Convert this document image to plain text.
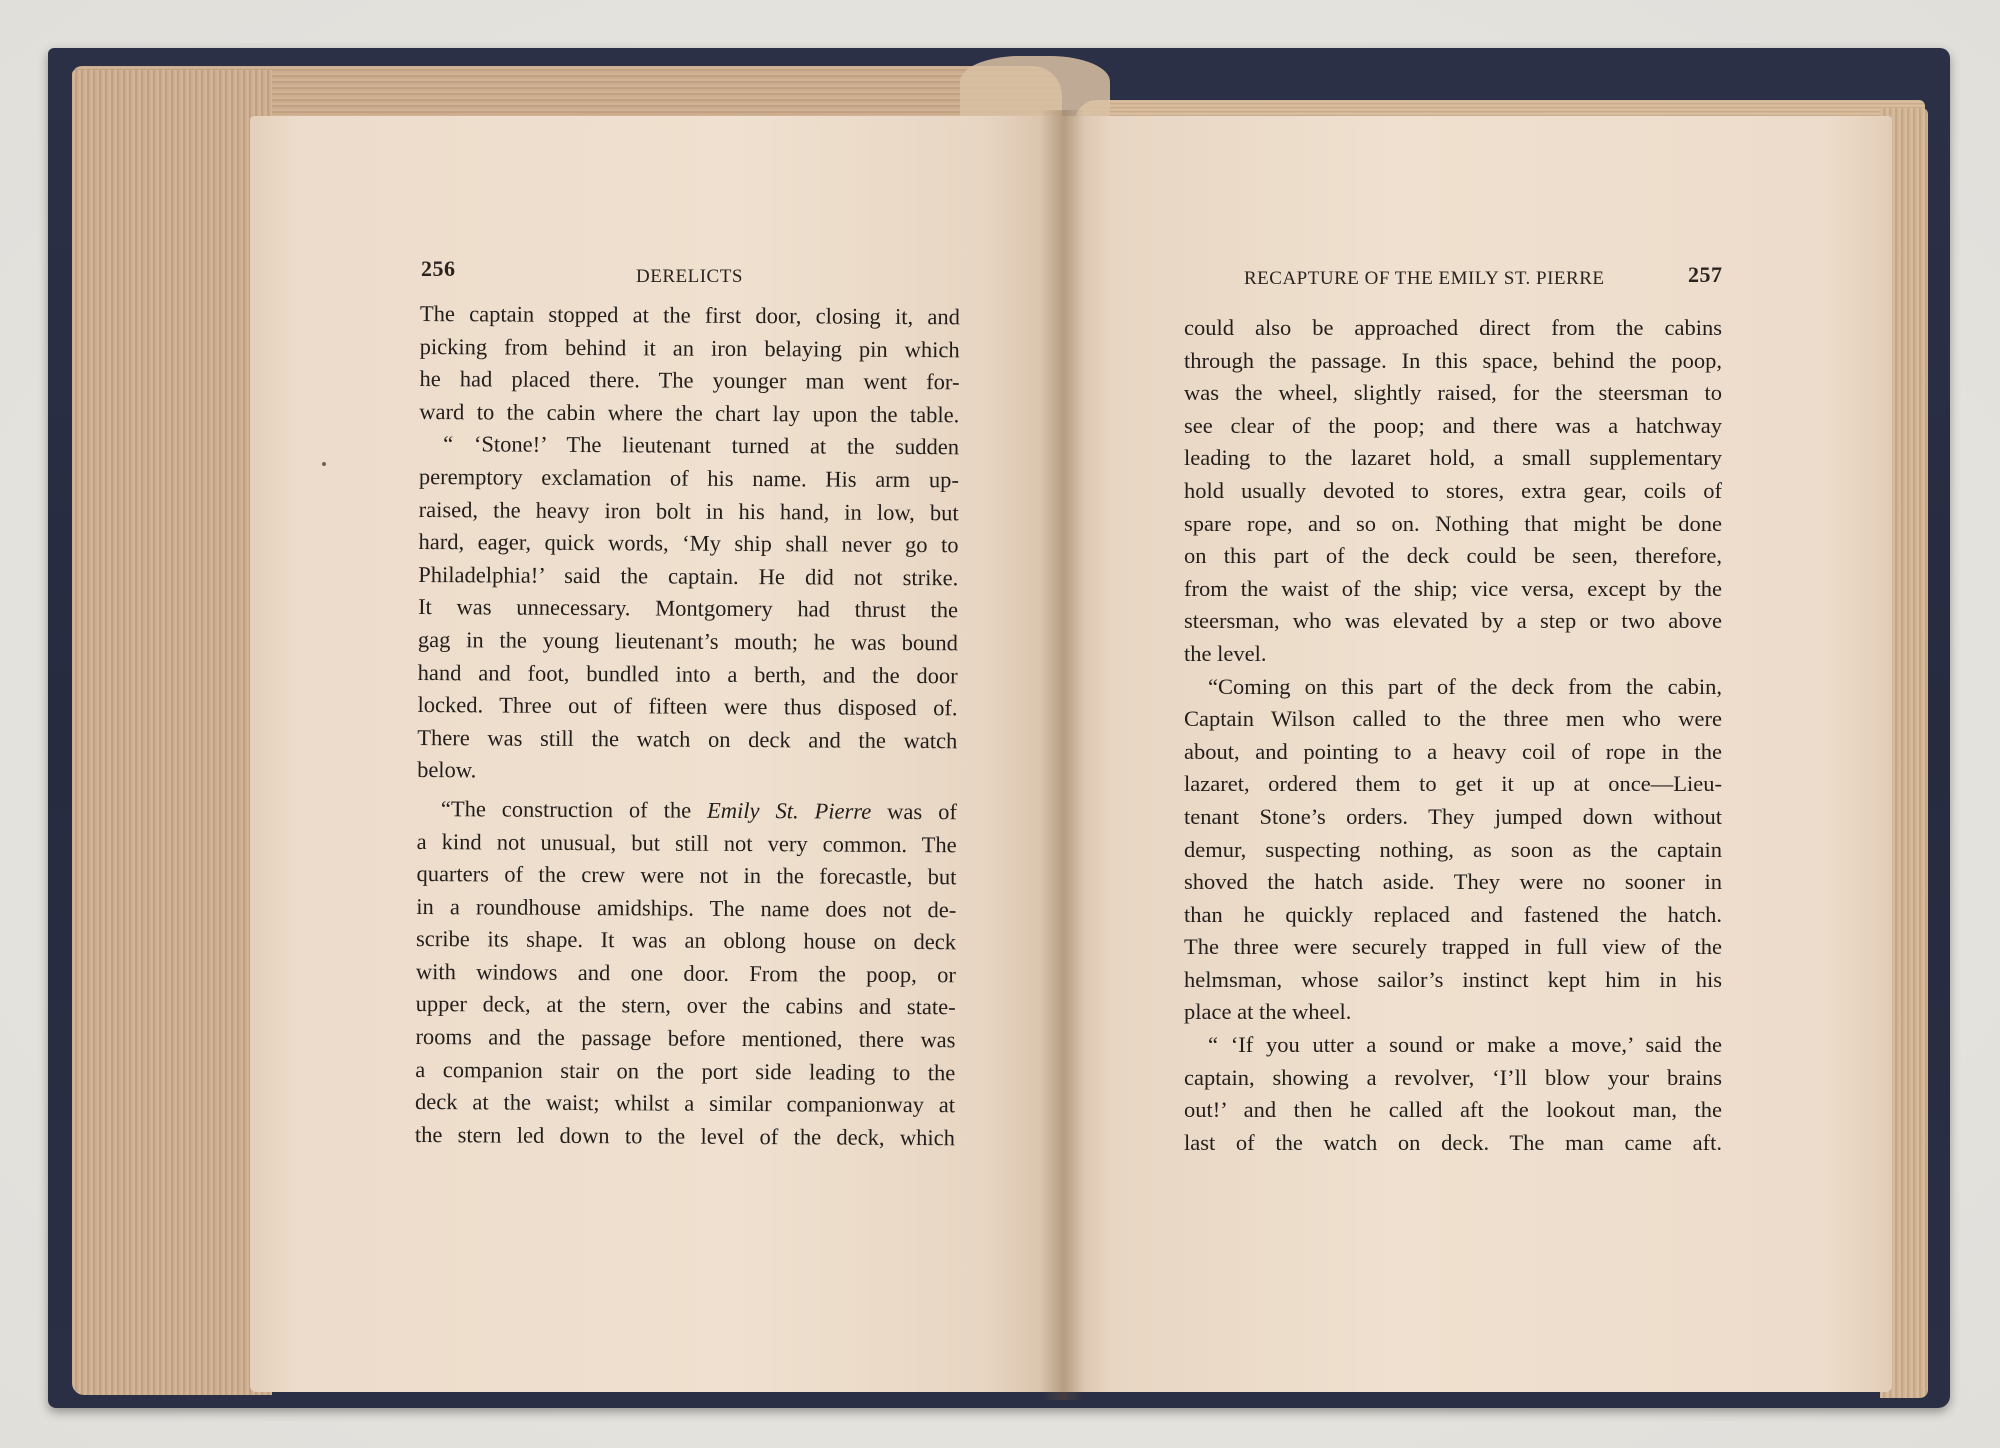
256	DERELICTS	RECAPTURE OF THE EMILY ST. PIERRE	257
The captain stopped at the first door, closing it, and
picking from behind it an iron belaying pin which
he had placed there. The younger man went for-
ward to the cabin where the chart lay upon the table.
“ ‘Stone!’ The lieutenant turned at the sudden
peremptory exclamation of his name. His arm up-
raised, the heavy iron bolt in his hand, in low, but
hard, eager, quick words, ‘My ship shall never go to
Philadelphia!’ said the captain. He did not strike.
It was unnecessary. Montgomery had thrust the
gag in the young lieutenant’s mouth; he was bound
hand and foot, bundled into a berth, and the door
locked. Three out of fifteen were thus disposed of.
There was still the watch on deck and the watch
below.
“The construction of the Emily St. Pierre was of
a kind not unusual, but still not very common. The
quarters of the crew were not in the forecastle, but
in a roundhouse amidships. The name does not de-
scribe its shape. It was an oblong house on deck
with windows and one door. From the poop, or
upper deck, at the stern, over the cabins and state-
rooms and the passage before mentioned, there was
a companion stair on the port side leading to the
deck at the waist; whilst a similar companionway at
the stern led down to the level of the deck, which
could also be approached direct from the cabins
through the passage. In this space, behind the poop,
was the wheel, slightly raised, for the steersman to
see clear of the poop; and there was a hatchway
leading to the lazaret hold, a small supplementary
hold usually devoted to stores, extra gear, coils of
spare rope, and so on. Nothing that might be done
on this part of the deck could be seen, therefore,
from the waist of the ship; vice versa, except by the
steersman, who was elevated by a step or two above
the level.
“Coming on this part of the deck from the cabin,
Captain Wilson called to the three men who were
about, and pointing to a heavy coil of rope in the
lazaret, ordered them to get it up at once—Lieu-
tenant Stone’s orders. They jumped down without
demur, suspecting nothing, as soon as the captain
shoved the hatch aside. They were no sooner in
than he quickly replaced and fastened the hatch.
The three were securely trapped in full view of the
helmsman, whose sailor’s instinct kept him in his
place at the wheel.
“ ‘If you utter a sound or make a move,’ said the
captain, showing a revolver, ‘I’ll blow your brains
out!’ and then he called aft the lookout man, the
last of the watch on deck. The man came aft.
